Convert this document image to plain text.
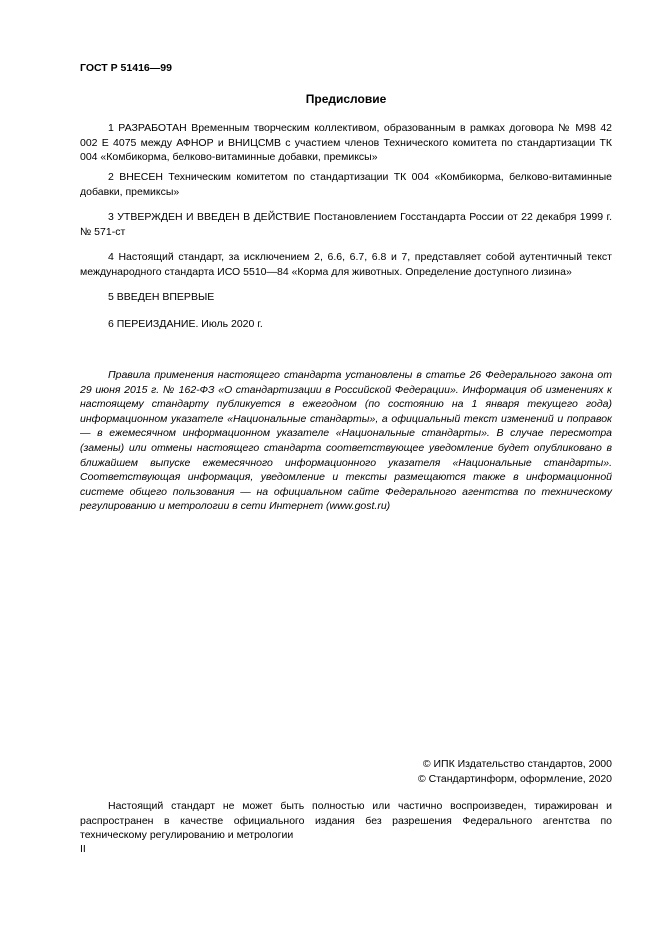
ГОСТ Р 51416—99
Предисловие
1 РАЗРАБОТАН Временным творческим коллективом, образованным в рамках договора № М98 42 002 Е 4075 между АФНОР и ВНИЦСМВ с участием членов Технического комитета по стандартизации ТК 004 «Комбикорма, белково-витаминные добавки, премиксы»
2 ВНЕСЕН Техническим комитетом по стандартизации ТК 004 «Комбикорма, белково-витаминные добавки, премиксы»
3 УТВЕРЖДЕН И ВВЕДЕН В ДЕЙСТВИЕ Постановлением Госстандарта России от 22 декабря 1999 г. № 571-ст
4 Настоящий стандарт, за исключением 2, 6.6, 6.7, 6.8 и 7, представляет собой аутентичный текст международного стандарта ИСО 5510—84 «Корма для животных. Определение доступного лизина»
5 ВВЕДЕН ВПЕРВЫЕ
6 ПЕРЕИЗДАНИЕ. Июль 2020 г.
Правила применения настоящего стандарта установлены в статье 26 Федерального закона от 29 июня 2015 г. № 162-ФЗ «О стандартизации в Российской Федерации». Информация об изменениях к настоящему стандарту публикуется в ежегодном (по состоянию на 1 января текущего года) информационном указателе «Национальные стандарты», а официальный текст изменений и поправок — в ежемесячном информационном указателе «Национальные стандарты». В случае пересмотра (замены) или отмены настоящего стандарта соответствующее уведомление будет опубликовано в ближайшем выпуске ежемесячного информационного указателя «Национальные стандарты». Соответствующая информация, уведомление и тексты размещаются также в информационной системе общего пользования — на официальном сайте Федерального агентства по техническому регулированию и метрологии в сети Интернет (www.gost.ru)
© ИПК Издательство стандартов, 2000
© Стандартинформ, оформление, 2020
Настоящий стандарт не может быть полностью или частично воспроизведен, тиражирован и распространен в качестве официального издания без разрешения Федерального агентства по техническому регулированию и метрологии
II
